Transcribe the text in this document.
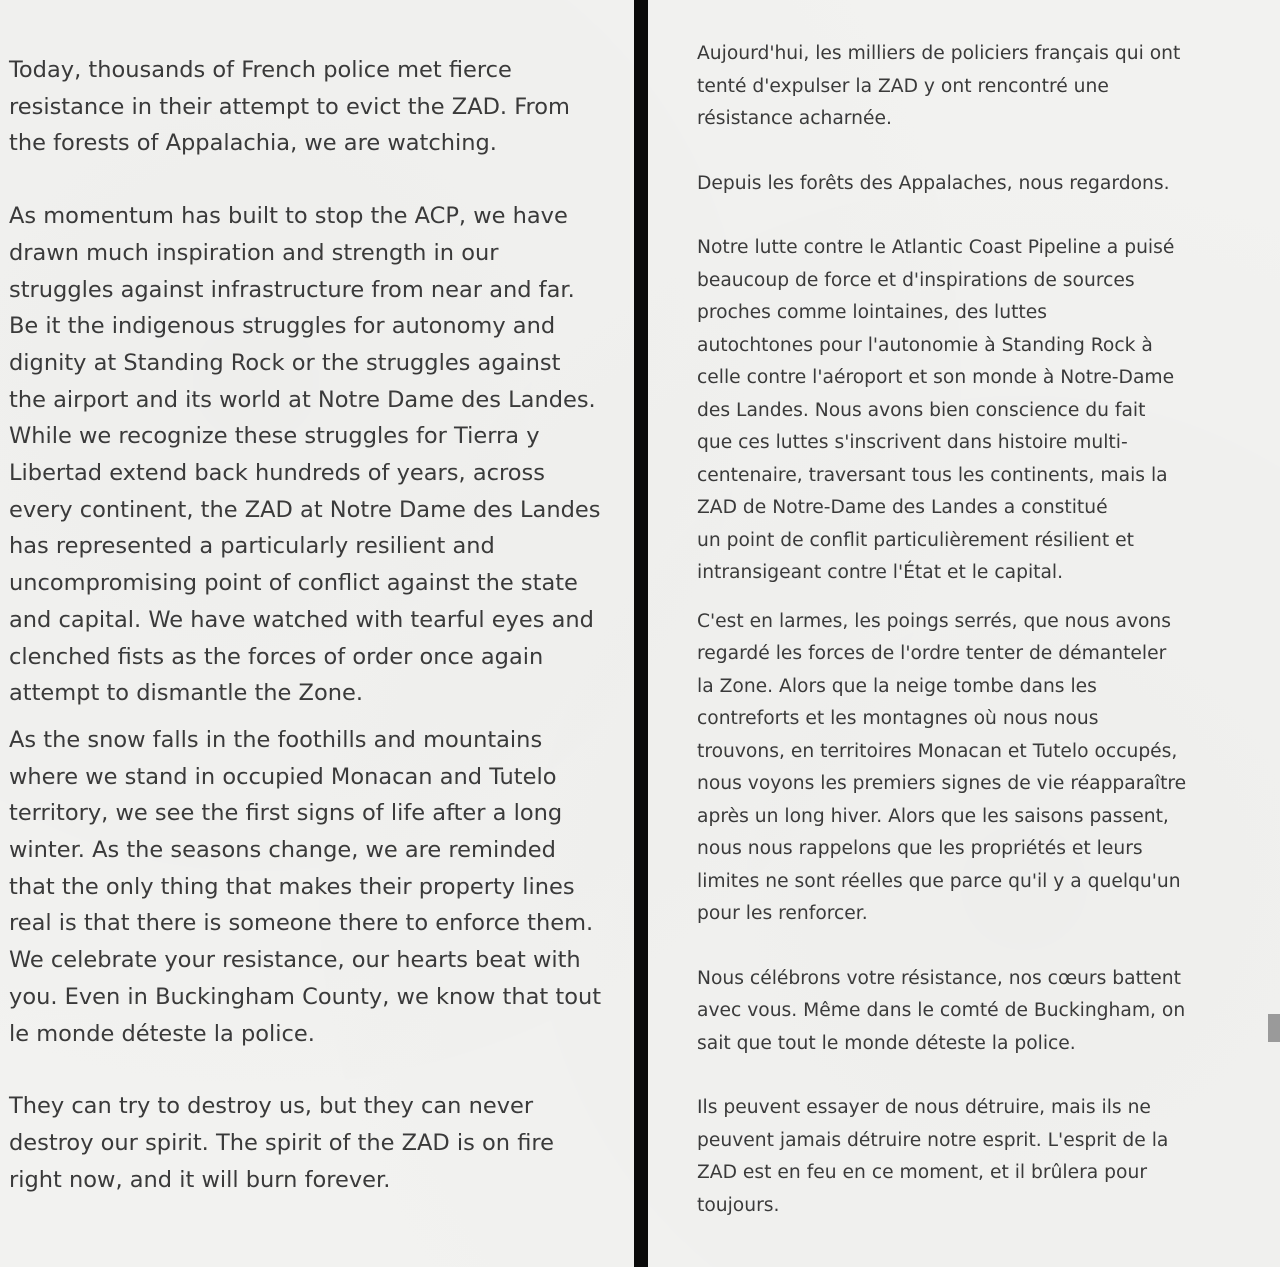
Today, thousands of French police met fierce
resistance in their attempt to evict the ZAD. From
the forests of Appalachia, we are watching.

As momentum has built to stop the ACP, we have
drawn much inspiration and strength in our
struggles against infrastructure from near and far.
Be it the indigenous struggles for autonomy and
dignity at Standing Rock or the struggles against
the airport and its world at Notre Dame des Landes.
While we recognize these struggles for Tierra y
Libertad extend back hundreds of years, across
every continent, the ZAD at Notre Dame des Landes
has represented a particularly resilient and
uncompromising point of conflict against the state
and capital. We have watched with tearful eyes and
clenched fists as the forces of order once again
attempt to dismantle the Zone.

As the snow falls in the foothills and mountains
where we stand in occupied Monacan and Tutelo
territory, we see the first signs of life after a long
winter. As the seasons change, we are reminded
that the only thing that makes their property lines
real is that there is someone there to enforce them.
We celebrate your resistance, our hearts beat with
you. Even in Buckingham County, we know that tout
le monde déteste la police.

They can try to destroy us, but they can never
destroy our spirit. The spirit of the ZAD is on fire
right now, and it will burn forever.

Aujourd'hui, les milliers de policiers français qui ont
tenté d'expulser la ZAD y ont rencontré une
résistance acharnée.

Depuis les forêts des Appalaches, nous regardons.

Notre lutte contre le Atlantic Coast Pipeline a puisé
beaucoup de force et d'inspirations de sources
proches comme lointaines, des luttes
autochtones pour l'autonomie à Standing Rock à
celle contre l'aéroport et son monde à Notre-Dame
des Landes. Nous avons bien conscience du fait
que ces luttes s'inscrivent dans histoire multi-
centenaire, traversant tous les continents, mais la
ZAD de Notre-Dame des Landes a constitué
un point de conflit particulièrement résilient et
intransigeant contre l'État et le capital.

C'est en larmes, les poings serrés, que nous avons
regardé les forces de l'ordre tenter de démanteler
la Zone. Alors que la neige tombe dans les
contreforts et les montagnes où nous nous
trouvons, en territoires Monacan et Tutelo occupés,
nous voyons les premiers signes de vie réapparaître
après un long hiver. Alors que les saisons passent,
nous nous rappelons que les propriétés et leurs
limites ne sont réelles que parce qu'il y a quelqu'un
pour les renforcer.

Nous célébrons votre résistance, nos cœurs battent
avec vous. Même dans le comté de Buckingham, on
sait que tout le monde déteste la police.

Ils peuvent essayer de nous détruire, mais ils ne
peuvent jamais détruire notre esprit. L'esprit de la
ZAD est en feu en ce moment, et il brûlera pour
toujours.
